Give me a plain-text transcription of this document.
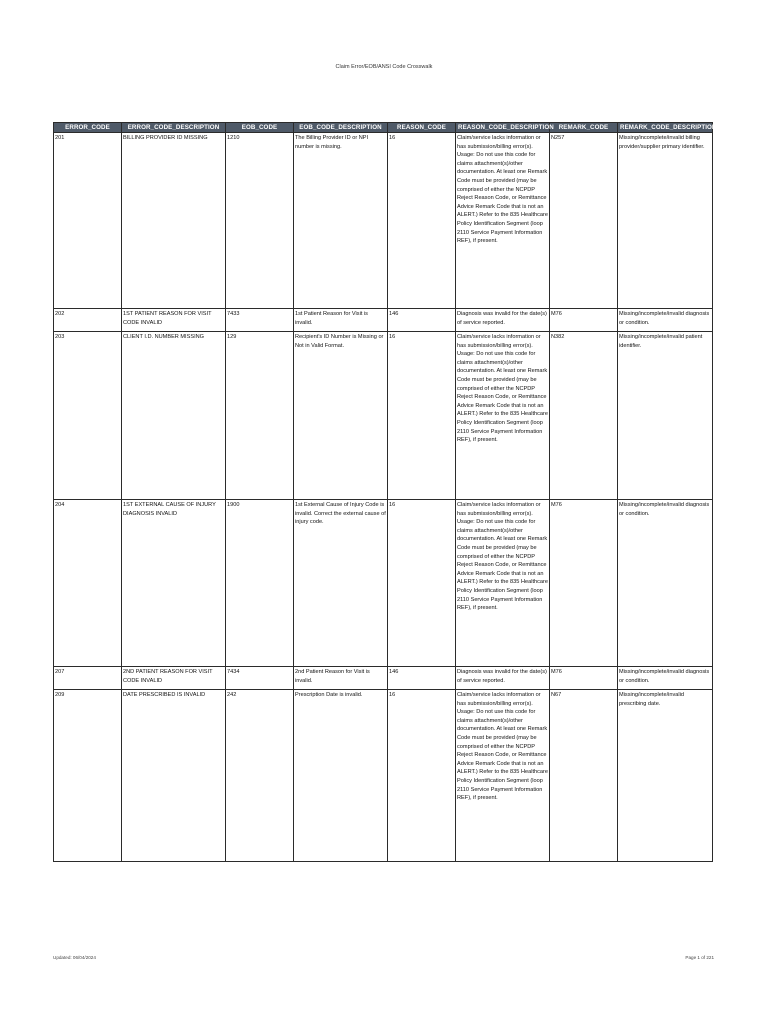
Claim Error/EOB/ANSI Code Crosswalk
ERROR_CODE	ERROR_CODE_DESCRIPTION	EOB_CODE	EOB_CODE_DESCRIPTION	REASON_CODE	REASON_CODE_DESCRIPTION	REMARK_CODE	REMARK_CODE_DESCRIPTION
201	BILLING PROVIDER ID MISSING	1210	The Billing Provider ID or NPI number is missing.	16	Claim/service lacks information or has submission/billing error(s). Usage: Do not use this code for claims attachment(s)/other documentation. At least one Remark Code must be provided (may be comprised of either the NCPDP Reject Reason Code, or Remittance Advice Remark Code that is not an ALERT.) Refer to the 835 Healthcare Policy Identification Segment (loop 2110 Service Payment Information REF), if present.	N257	Missing/incomplete/invalid billing provider/supplier primary identifier.
202	1ST PATIENT REASON FOR VISIT CODE INVALID	7433	1st Patient Reason for Visit is invalid.	146	Diagnosis was invalid for the date(s) of service reported.	M76	Missing/incomplete/invalid diagnosis or condition.
203	CLIENT I.D. NUMBER MISSING	129	Recipient's ID Number is Missing or Not in Valid Format.	16	Claim/service lacks information or has submission/billing error(s). Usage: Do not use this code for claims attachment(s)/other documentation. At least one Remark Code must be provided (may be comprised of either the NCPDP Reject Reason Code, or Remittance Advice Remark Code that is not an ALERT.) Refer to the 835 Healthcare Policy Identification Segment (loop 2110 Service Payment Information REF), if present.	N382	Missing/incomplete/invalid patient identifier.
204	1ST EXTERNAL CAUSE OF INJURY DIAGNOSIS INVALID	1900	1st External Cause of Injury Code is invalid. Correct the external cause of injury code.	16	Claim/service lacks information or has submission/billing error(s). Usage: Do not use this code for claims attachment(s)/other documentation. At least one Remark Code must be provided (may be comprised of either the NCPDP Reject Reason Code, or Remittance Advice Remark Code that is not an ALERT.) Refer to the 835 Healthcare Policy Identification Segment (loop 2110 Service Payment Information REF), if present.	M76	Missing/incomplete/invalid diagnosis or condition.
207	2ND PATIENT REASON FOR VISIT CODE INVALID	7434	2nd Patient Reason for Visit is invalid.	146	Diagnosis was invalid for the date(s) of service reported.	M76	Missing/incomplete/invalid diagnosis or condition.
209	DATE PRESCRIBED IS INVALID	242	Prescription Date is invalid.	16	Claim/service lacks information or has submission/billing error(s). Usage: Do not use this code for claims attachment(s)/other documentation. At least one Remark Code must be provided (may be comprised of either the NCPDP Reject Reason Code, or Remittance Advice Remark Code that is not an ALERT.) Refer to the 835 Healthcare Policy Identification Segment (loop 2110 Service Payment Information REF), if present.	N67	Missing/incomplete/invalid prescribing date.
Updated: 06/04/2024	Page 1 of 221
